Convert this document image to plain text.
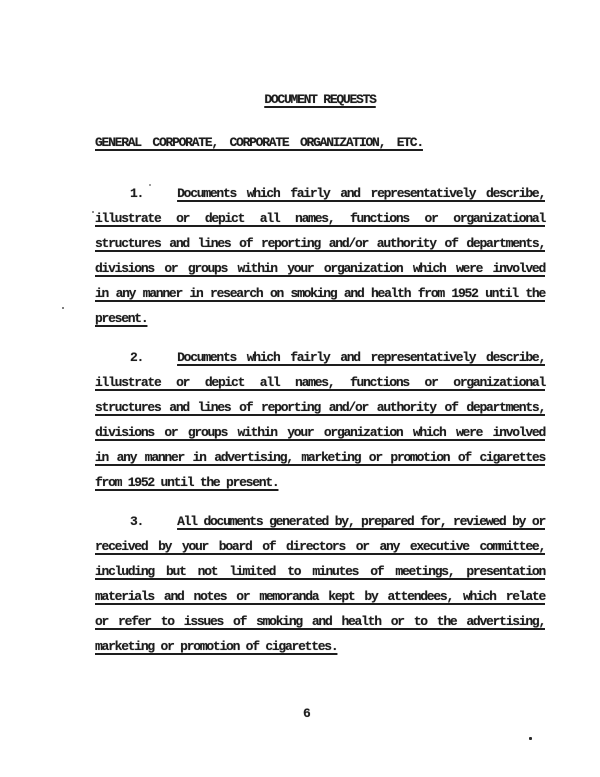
DOCUMENT REQUESTS
GENERAL CORPORATE, CORPORATE ORGANIZATION, ETC.
1.	Documents which fairly and representatively describe,
illustrate or depict all names, functions or organizational
structures and lines of reporting and/or authority of departments,
divisions or groups within your organization which were involved
in any manner in research on smoking and health from 1952 until the
present.
2.	Documents which fairly and representatively describe,
illustrate or depict all names, functions or organizational
structures and lines of reporting and/or authority of departments,
divisions or groups within your organization which were involved
in any manner in advertising, marketing or promotion of cigarettes
from 1952 until the present.
3.	All documents generated by, prepared for, reviewed by or
received by your board of directors or any executive committee,
including but not limited to minutes of meetings, presentation
materials and notes or memoranda kept by attendees, which relate
or refer to issues of smoking and health or to the advertising,
marketing or promotion of cigarettes.
6
